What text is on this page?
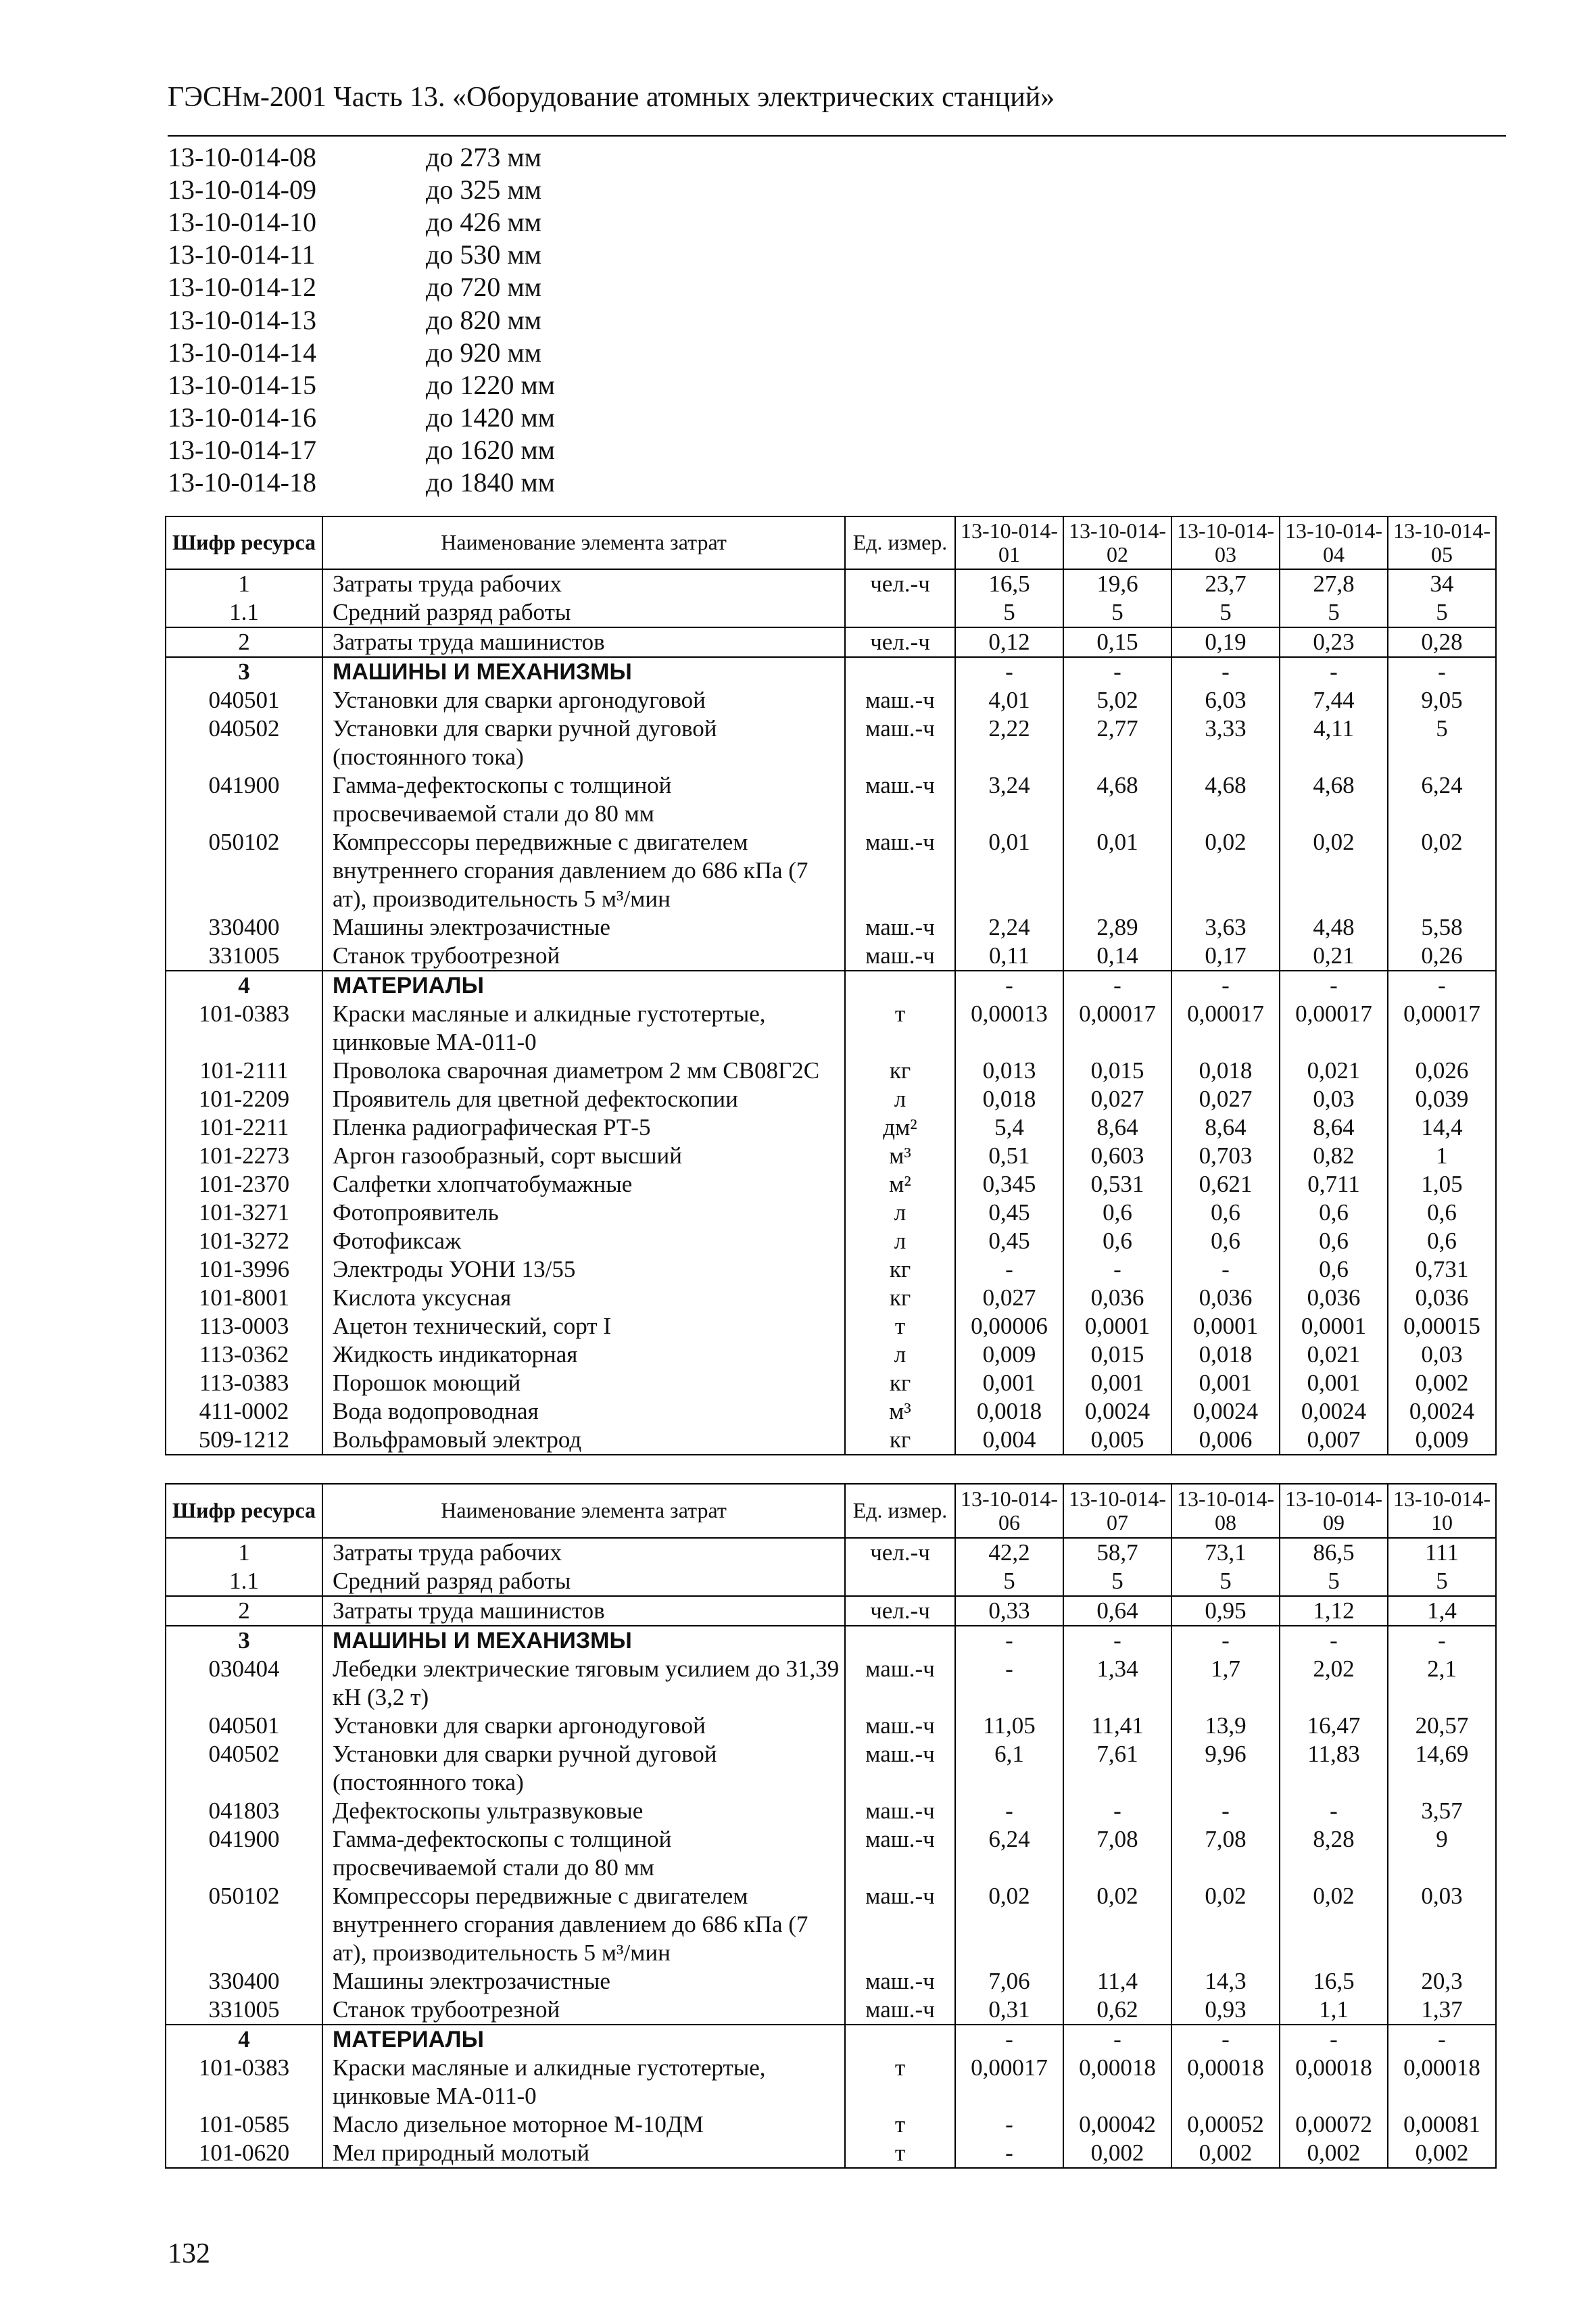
ГЭСНм-2001 Часть 13. «Оборудование атомных электрических станций»
13-10-014-08	до 273 мм
13-10-014-09	до 325 мм
13-10-014-10	до 426 мм
13-10-014-11	до 530 мм
13-10-014-12	до 720 мм
13-10-014-13	до 820 мм
13-10-014-14	до 920 мм
13-10-014-15	до 1220 мм
13-10-014-16	до 1420 мм
13-10-014-17	до 1620 мм
13-10-014-18	до 1840 мм
Шифр ресурса	Наименование элемента затрат	Ед. измер.	13-10-014-01	13-10-014-02	13-10-014-03	13-10-014-04	13-10-014-05
1	Затраты труда рабочих	чел.-ч	16,5	19,6	23,7	27,8	34
1.1	Средний разряд работы		5	5	5	5	5
2	Затраты труда машинистов	чел.-ч	0,12	0,15	0,19	0,23	0,28
3	МАШИНЫ И МЕХАНИЗМЫ		-	-	-	-	-
040501	Установки для сварки аргонодуговой	маш.-ч	4,01	5,02	6,03	7,44	9,05
040502	Установки для сварки ручной дуговой (постоянного тока)	маш.-ч	2,22	2,77	3,33	4,11	5
041900	Гамма-дефектоскопы с толщиной просвечиваемой стали до 80 мм	маш.-ч	3,24	4,68	4,68	4,68	6,24
050102	Компрессоры передвижные с двигателем внутреннего сгорания давлением до 686 кПа (7 ат), производительность 5 м³/мин	маш.-ч	0,01	0,01	0,02	0,02	0,02
330400	Машины электрозачистные	маш.-ч	2,24	2,89	3,63	4,48	5,58
331005	Станок трубоотрезной	маш.-ч	0,11	0,14	0,17	0,21	0,26
4	МАТЕРИАЛЫ		-	-	-	-	-
101-0383	Краски масляные и алкидные густотертые, цинковые МА-011-0	т	0,00013	0,00017	0,00017	0,00017	0,00017
101-2111	Проволока сварочная диаметром 2 мм СВ08Г2С	кг	0,013	0,015	0,018	0,021	0,026
101-2209	Проявитель для цветной дефектоскопии	л	0,018	0,027	0,027	0,03	0,039
101-2211	Пленка радиографическая РТ-5	дм²	5,4	8,64	8,64	8,64	14,4
101-2273	Аргон газообразный, сорт высший	м³	0,51	0,603	0,703	0,82	1
101-2370	Салфетки хлопчатобумажные	м²	0,345	0,531	0,621	0,711	1,05
101-3271	Фотопроявитель	л	0,45	0,6	0,6	0,6	0,6
101-3272	Фотофиксаж	л	0,45	0,6	0,6	0,6	0,6
101-3996	Электроды УОНИ 13/55	кг	-	-	-	0,6	0,731
101-8001	Кислота уксусная	кг	0,027	0,036	0,036	0,036	0,036
113-0003	Ацетон технический, сорт I	т	0,00006	0,0001	0,0001	0,0001	0,00015
113-0362	Жидкость индикаторная	л	0,009	0,015	0,018	0,021	0,03
113-0383	Порошок моющий	кг	0,001	0,001	0,001	0,001	0,002
411-0002	Вода водопроводная	м³	0,0018	0,0024	0,0024	0,0024	0,0024
509-1212	Вольфрамовый электрод	кг	0,004	0,005	0,006	0,007	0,009
Шифр ресурса	Наименование элемента затрат	Ед. измер.	13-10-014-06	13-10-014-07	13-10-014-08	13-10-014-09	13-10-014-10
1	Затраты труда рабочих	чел.-ч	42,2	58,7	73,1	86,5	111
1.1	Средний разряд работы		5	5	5	5	5
2	Затраты труда машинистов	чел.-ч	0,33	0,64	0,95	1,12	1,4
3	МАШИНЫ И МЕХАНИЗМЫ		-	-	-	-	-
030404	Лебедки электрические тяговым усилием до 31,39 кН (3,2 т)	маш.-ч	-	1,34	1,7	2,02	2,1
040501	Установки для сварки аргонодуговой	маш.-ч	11,05	11,41	13,9	16,47	20,57
040502	Установки для сварки ручной дуговой (постоянного тока)	маш.-ч	6,1	7,61	9,96	11,83	14,69
041803	Дефектоскопы ультразвуковые	маш.-ч	-	-	-	-	3,57
041900	Гамма-дефектоскопы с толщиной просвечиваемой стали до 80 мм	маш.-ч	6,24	7,08	7,08	8,28	9
050102	Компрессоры передвижные с двигателем внутреннего сгорания давлением до 686 кПа (7 ат), производительность 5 м³/мин	маш.-ч	0,02	0,02	0,02	0,02	0,03
330400	Машины электрозачистные	маш.-ч	7,06	11,4	14,3	16,5	20,3
331005	Станок трубоотрезной	маш.-ч	0,31	0,62	0,93	1,1	1,37
4	МАТЕРИАЛЫ		-	-	-	-	-
101-0383	Краски масляные и алкидные густотертые, цинковые МА-011-0	т	0,00017	0,00018	0,00018	0,00018	0,00018
101-0585	Масло дизельное моторное М-10ДМ	т	-	0,00042	0,00052	0,00072	0,00081
101-0620	Мел природный молотый	т	-	0,002	0,002	0,002	0,002
132
